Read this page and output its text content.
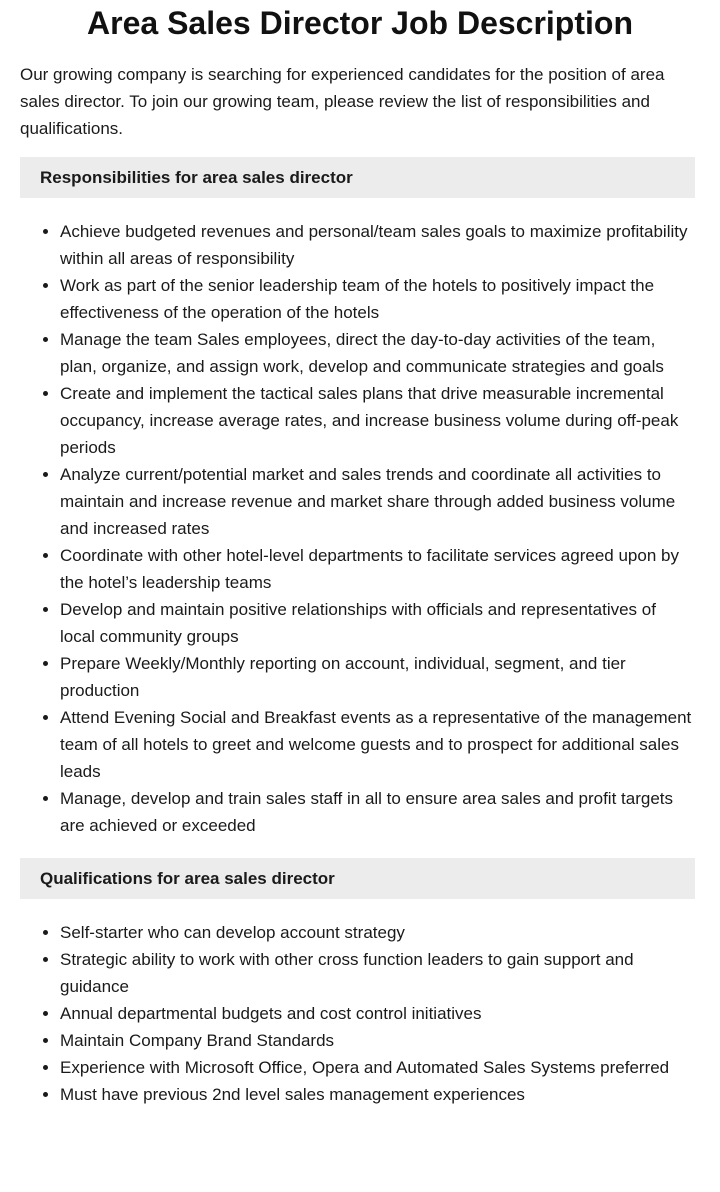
Area Sales Director Job Description

Our growing company is searching for experienced candidates for the position of area sales director. To join our growing team, please review the list of responsibilities and qualifications.

Responsibilities for area sales director
• Achieve budgeted revenues and personal/team sales goals to maximize profitability within all areas of responsibility
• Work as part of the senior leadership team of the hotels to positively impact the effectiveness of the operation of the hotels
• Manage the team Sales employees, direct the day-to-day activities of the team, plan, organize, and assign work, develop and communicate strategies and goals
• Create and implement the tactical sales plans that drive measurable incremental occupancy, increase average rates, and increase business volume during off-peak periods
• Analyze current/potential market and sales trends and coordinate all activities to maintain and increase revenue and market share through added business volume and increased rates
• Coordinate with other hotel-level departments to facilitate services agreed upon by the hotel’s leadership teams
• Develop and maintain positive relationships with officials and representatives of local community groups
• Prepare Weekly/Monthly reporting on account, individual, segment, and tier production
• Attend Evening Social and Breakfast events as a representative of the management team of all hotels to greet and welcome guests and to prospect for additional sales leads
• Manage, develop and train sales staff in all to ensure area sales and profit targets are achieved or exceeded
Qualifications for area sales director
• Self-starter who can develop account strategy
• Strategic ability to work with other cross function leaders to gain support and guidance
• Annual departmental budgets and cost control initiatives
• Maintain Company Brand Standards
• Experience with Microsoft Office, Opera and Automated Sales Systems preferred
• Must have previous 2nd level sales management experiences
